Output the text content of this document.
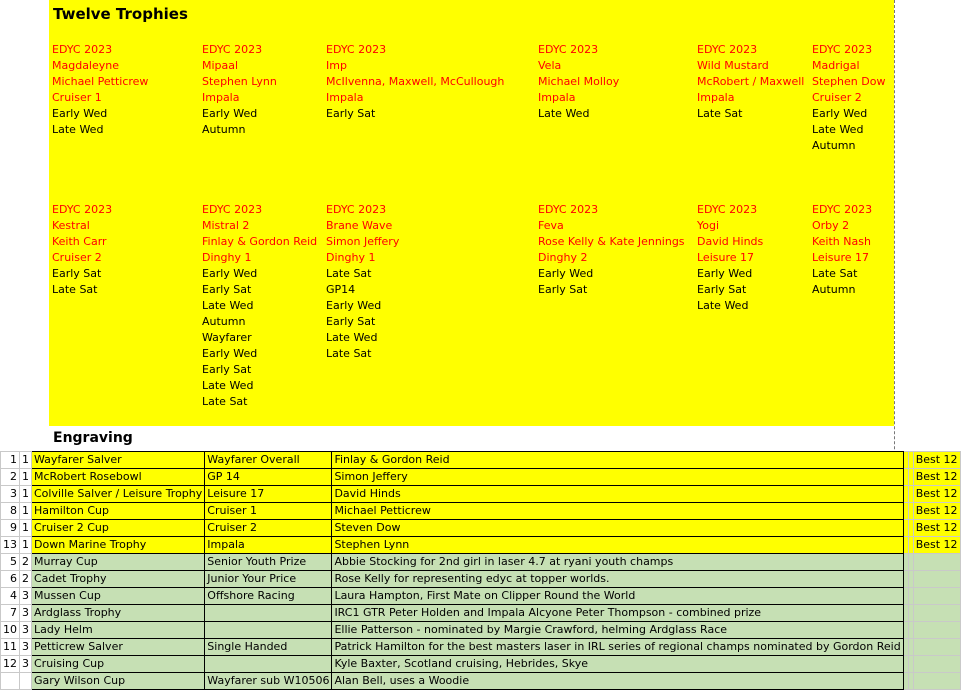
Twelve Trophies
EDYC 2023
Magdaleyne
Michael Petticrew
Cruiser 1
Early Wed
Late Wed
EDYC 2023
Mipaal
Stephen Lynn
Impala
Early Wed
Autumn
EDYC 2023
Imp
McIlvenna, Maxwell, McCullough
Impala
Early Sat
EDYC 2023
Vela
Michael Molloy
Impala
Late Wed
EDYC 2023
Wild Mustard
McRobert / Maxwell
Impala
Late Sat
EDYC 2023
Madrigal
Stephen Dow
Cruiser 2
Early Wed
Late Wed
Autumn
EDYC 2023
Kestral
Keith Carr
Cruiser 2
Early Sat
Late Sat
EDYC 2023
Mistral 2
Finlay & Gordon Reid
Dinghy 1
Early Wed
Early Sat
Late Wed
Autumn
Wayfarer
Early Wed
Early Sat
Late Wed
Late Sat
EDYC 2023
Brane Wave
Simon Jeffery
Dinghy 1
Late Sat
GP14
Early Wed
Early Sat
Late Wed
Late Sat
EDYC 2023
Feva
Rose Kelly & Kate Jennings
Dinghy 2
Early Wed
Early Sat
EDYC 2023
Yogi
David Hinds
Leisure 17
Early Wed
Early Sat
Late Wed
EDYC 2023
Orby 2
Keith Nash
Leisure 17
Late Sat
Autumn
Engraving
1	1	Wayfarer Salver	Wayfarer Overall	Finlay & Gordon Reid			Best 12
2	1	McRobert Rosebowl	GP 14	Simon Jeffery			Best 12
3	1	Colville Salver / Leisure Trophy	Leisure 17	David Hinds			Best 12
8	1	Hamilton Cup	Cruiser 1	Michael Petticrew			Best 12
9	1	Cruiser 2 Cup	Cruiser 2	Steven Dow			Best 12
13	1	Down Marine Trophy	Impala	Stephen Lynn			Best 12
5	2	Murray Cup	Senior Youth Prize	Abbie Stocking for 2nd girl in laser 4.7 at ryani youth champs			
6	2	Cadet Trophy	Junior Your Price	Rose Kelly for representing edyc at topper worlds.			
4	3	Mussen Cup	Offshore Racing	Laura Hampton, First Mate on Clipper Round the World			
7	3	Ardglass Trophy		IRC1 GTR Peter Holden and Impala Alcyone Peter Thompson - combined prize			
10	3	Lady Helm		Ellie Patterson - nominated by Margie Crawford, helming Ardglass Race			
11	3	Petticrew Salver	Single Handed	Patrick Hamilton for the best masters laser in IRL series of regional champs nominated by Gordon Reid			
12	3	Cruising Cup		Kyle Baxter, Scotland cruising, Hebrides, Skye			
		Gary Wilson Cup	Wayfarer sub W10506	Alan Bell, uses a Woodie			
